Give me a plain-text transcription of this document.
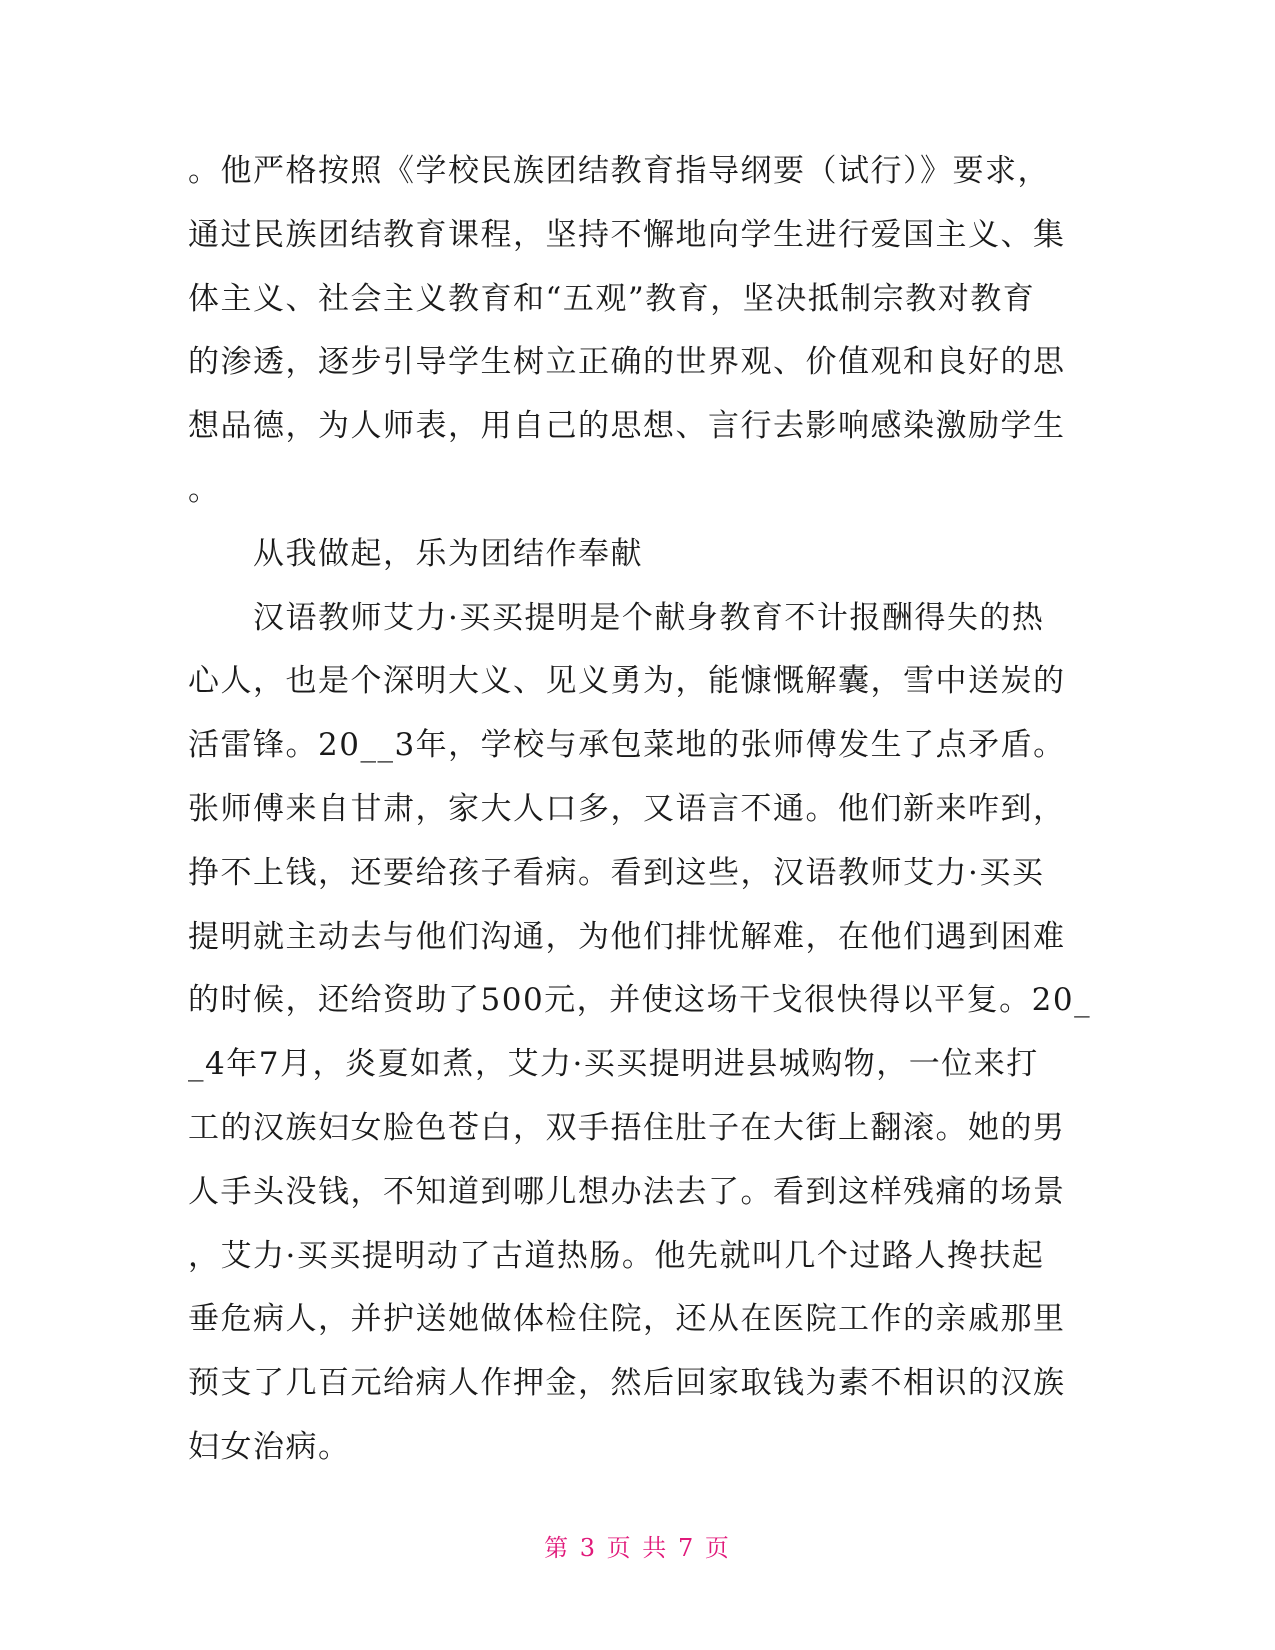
。他严格按照《学校民族团结教育指导纲要（试行）》要求，
通过民族团结教育课程，坚持不懈地向学生进行爱国主义、集
体主义、社会主义教育和“五观”教育，坚决抵制宗教对教育
的渗透，逐步引导学生树立正确的世界观、价值观和良好的思
想品德，为人师表，用自己的思想、言行去影响感染激励学生
。
　　从我做起，乐为团结作奉献
　　汉语教师艾力·买买提明是个献身教育不计报酬得失的热
心人，也是个深明大义、见义勇为，能慷慨解囊，雪中送炭的
活雷锋。20__3年，学校与承包菜地的张师傅发生了点矛盾。
张师傅来自甘肃，家大人口多，又语言不通。他们新来咋到，
挣不上钱，还要给孩子看病。看到这些，汉语教师艾力·买买
提明就主动去与他们沟通，为他们排忧解难，在他们遇到困难
的时候，还给资助了500元，并使这场干戈很快得以平复。20_
_4年7月，炎夏如煮，艾力·买买提明进县城购物，一位来打
工的汉族妇女脸色苍白，双手捂住肚子在大街上翻滚。她的男
人手头没钱，不知道到哪儿想办法去了。看到这样残痛的场景
，艾力·买买提明动了古道热肠。他先就叫几个过路人搀扶起
垂危病人，并护送她做体检住院，还从在医院工作的亲戚那里
预支了几百元给病人作押金，然后回家取钱为素不相识的汉族
妇女治病。
第 3 页 共 7 页
